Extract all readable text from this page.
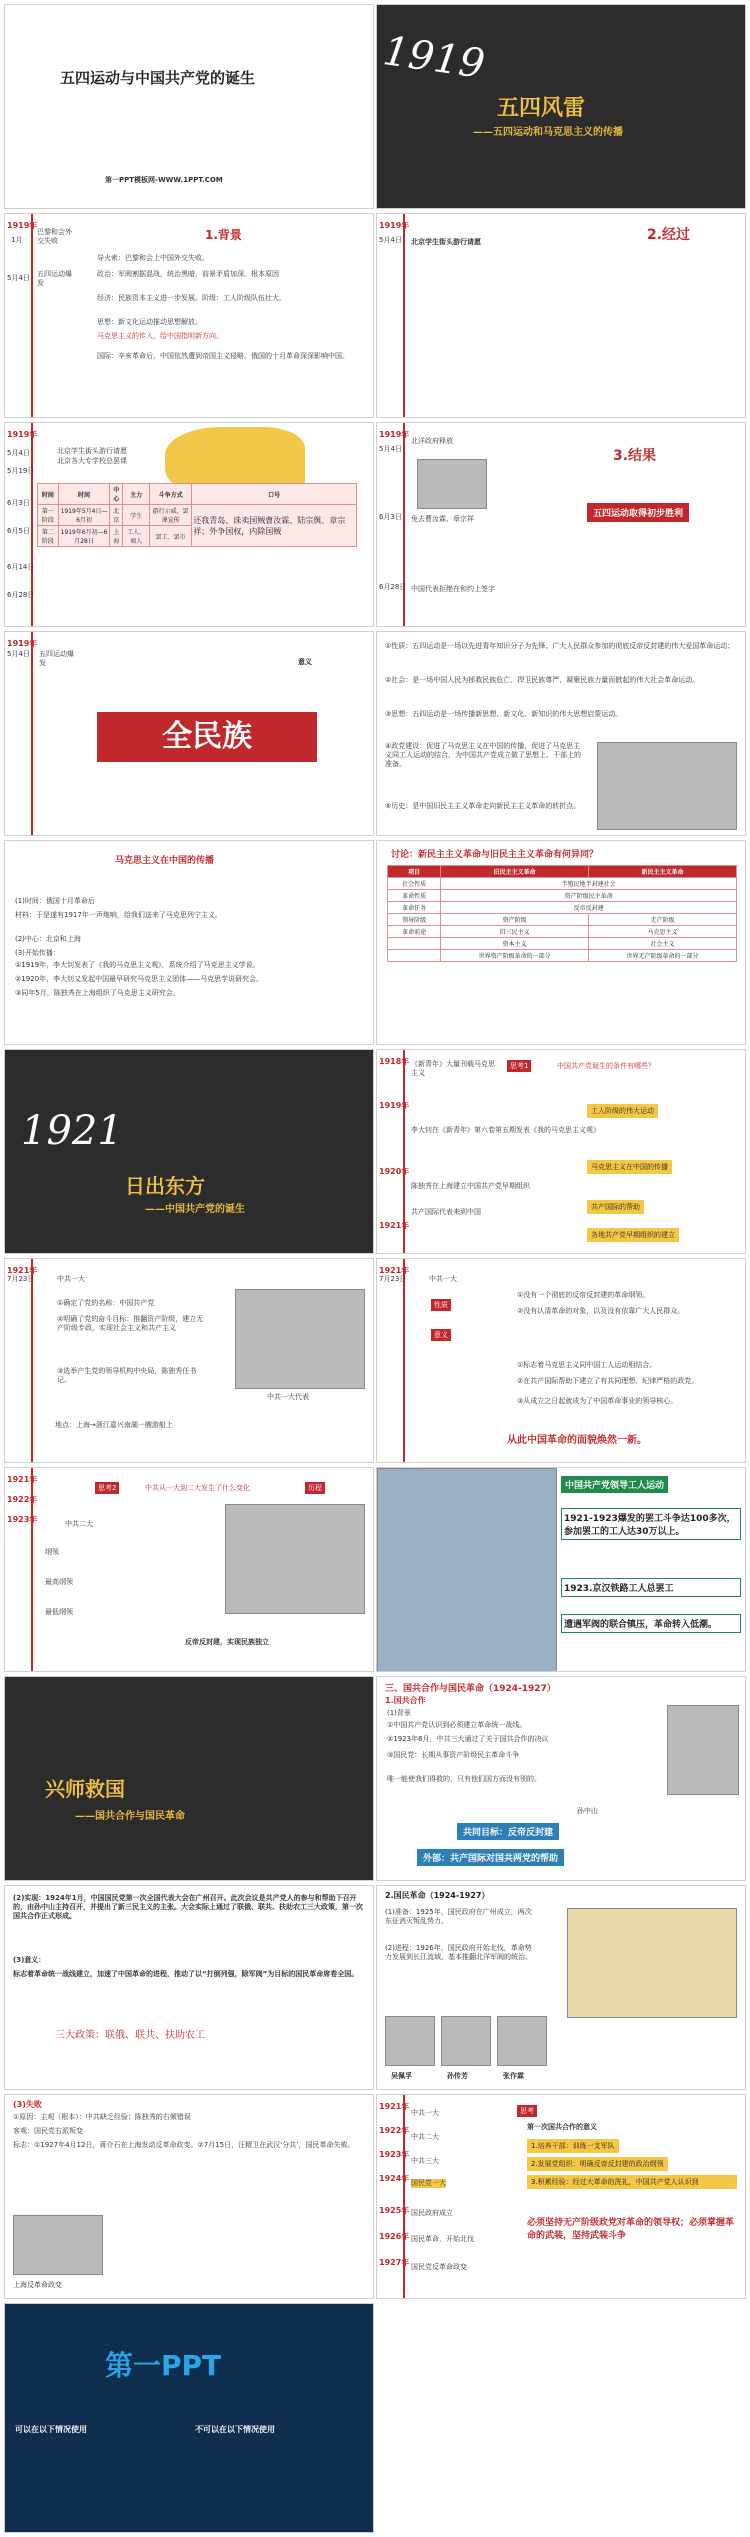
五四运动与中国共产党的诞生
第一PPT模板网-WWW.1PPT.COM
1919
五四风雷
——五四运动和马克思主义的传播
1919年
1月
5月4日
巴黎和会外交失败
五四运动爆发
1.背景
导火索：巴黎和会上中国外交失败。
政治：军阀割据混战，统治黑暗，前景矛盾加深。根本原因
经济：民族资本主义进一步发展。阶级：工人阶级队伍壮大。
思想：新文化运动推动思想解放。
马克思主义的传入，给中国指明新方向。
国际：辛亥革命后，中国依然遭到帝国主义侵略。俄国的十月革命深深影响中国。
1919年
5月4日 北京学生街头游行请愿	2.经过
1919年
5月4日
5月19日
6月3日
6月5日
6月14日
6月28日
北京学生街头游行请愿
北京各大专学校总罢课
时间	时间	中心	主力	斗争方式	口号
第一阶段	1919年5月4日—6月初	北京	学生	游行示威、罢课宣传	还我青岛、诛卖国贼曹汝霖、陆宗舆、章宗祥；外争国权，内除国贼
第二阶段	1919年6月初—6月28日	上海	工人、商人	罢工、罢市	
1919年
5月4日
6月3日
6月28日
北洋政府释放
免去曹汝霖、章宗祥
中国代表拒绝在和约上签字
3.结果
五四运动取得初步胜利
1919年
5月4日 五四运动爆发	意义
全民族
①性质：五四运动是一场以先进青年知识分子为先锋、广大人民群众参加的彻底反帝反封建的伟大爱国革命运动；
②社会：是一场中国人民为拯救民族危亡、捍卫民族尊严、凝聚民族力量而掀起的伟大社会革命运动。
③思想：五四运动是一场传播新思想、新文化、新知识的伟大思想启蒙运动。
④政党建设：促进了马克思主义在中国的传播，促进了马克思主义同工人运动的结合，为中国共产党成立做了思想上、干部上的准备。
⑤历史：是中国旧民主主义革命走向新民主主义革命的转折点。
马克思主义在中国的传播
(1)时间：俄国十月革命后
材料：于是遂有1917年一声炮响，给我们送来了马克思列宁主义。
(2)中心：北京和上海
(3)开始传播：
①1919年，李大钊发表了《我的马克思主义观》，系统介绍了马克思主义学说。
②1920年，李大钊又发起中国最早研究马克思主义团体——马克思学说研究会。
③同年5月，陈独秀在上海组织了马克思主义研究会。
讨论：新民主主义革命与旧民主主义革命有何异同？
项目	旧民主主义革命	新民主主义革命
社会性质	半殖民地半封建社会	
革命性质	资产阶级民主革命	
革命任务	反帝反封建	
领导阶级	资产阶级	无产阶级
革命前途	旧三民主义	马克思主义
	资本主义	社会主义
	世界资产阶级革命的一部分	世界无产阶级革命的一部分
1921
日出东方
——中国共产党的诞生
1918年
1919年
1920年
1921年
思考1	中国共产党诞生的条件有哪些？
《新青年》大量刊载马克思主义
李大钊在《新青年》第六卷第五期发表《我的马克思主义观》
陈独秀在上海建立中国共产党早期组织
共产国际代表来到中国
工人阶级的伟大运动
马克思主义在中国的传播
共产国际的帮助
各地共产党早期组织的建立
1921年
7月23日	中共一大
①确定了党的名称：中国共产党
②明确了党的奋斗目标：推翻资产阶级，建立无产阶级专政，实现社会主义和共产主义
③选举产生党的领导机构中央局，陈独秀任书记。
地点：上海→浙江嘉兴南湖一艘游船上
中共一大代表
1921年
7月23日	中共一大
性质
意义
①没有一个彻底的反帝反封建的革命纲领。
②没有认清革命的对象，以及没有依靠广大人民群众。
①标志着马克思主义同中国工人运动相结合。
②在共产国际帮助下建立了有共同理想、纪律严格的政党。
③从成立之日起就成为了中国革命事业的领导核心。
从此中国革命的面貌焕然一新。
1921年
1922年
1923年
思考2	中共从一大到二大发生了什么变化	历程
中共二大
纲领
最高纲领
最低纲领
反帝反封建，实现民族独立
中国共产党领导工人运动
1921-1923爆发的罢工斗争达100多次，参加罢工的工人达30万以上。
1923.京汉铁路工人总罢工
遭遇军阀的联合镇压，革命转入低潮。
兴师救国
——国共合作与国民革命
三、国共合作与国民革命（1924-1927）
1.国共合作
(1)背景
①中国共产党认识到必须建立革命统一战线。
②1923年6月，中共三大通过了关于国共合作的决议
③国民党：长期从事资产阶级民主革命斗争
唯一能使我们得救的，只有他们国方而没有别的。
孙中山
共同目标：反帝反封建
外部：共产国际对国共两党的帮助
(2)实现：1924年1月，中国国民党第一次全国代表大会在广州召开。此次会议是共产党人的参与和帮助下召开的，由孙中山主持召开，并提出了新三民主义的主张。大会实际上通过了联俄、联共、扶助农工三大政策，第一次国共合作正式形成。
(3)意义：
标志着革命统一战线建立，加速了中国革命的进程，推动了以“打倒列强，除军阀”为目标的国民革命席卷全国。
三大政策：联俄、联共、扶助农工
2.国民革命（1924-1927）
(1)准备：1925年，国民政府在广州成立，两次东征消灭叛乱势力。
(2)进程：1926年，国民政府开始北伐，革命势力发展到长江流域，基本推翻北洋军阀的统治。
吴佩孚	孙传芳	张作霖
(3)失败
①原因：主观（根本）：中共缺乏经验；陈独秀的右倾错误
客观：国民党右派叛变
标志：①1927年4月12日，蒋介石在上海发动反革命政变。②7月15日，汪精卫在武汉‘分共’，国民革命失败。
上海反革命政变
1921年
1922年
1923年
1924年
1925年
1926年
1927年
中共一大
中共二大
中共三大
国民党一大
国民政府成立
国民革命，开始北伐
国民党反革命政变
思考
第一次国共合作的意义
1.培养干部：训练一支军队
2.发展党组织：明确反帝反封建的政治纲领
3.积累经验：经过大革命的洗礼，中国共产党人认识到
必须坚持无产阶级政党对革命的领导权；必须掌握革命的武装，坚持武装斗争
第一PPT
可以在以下情况使用	不可以在以下情况使用
